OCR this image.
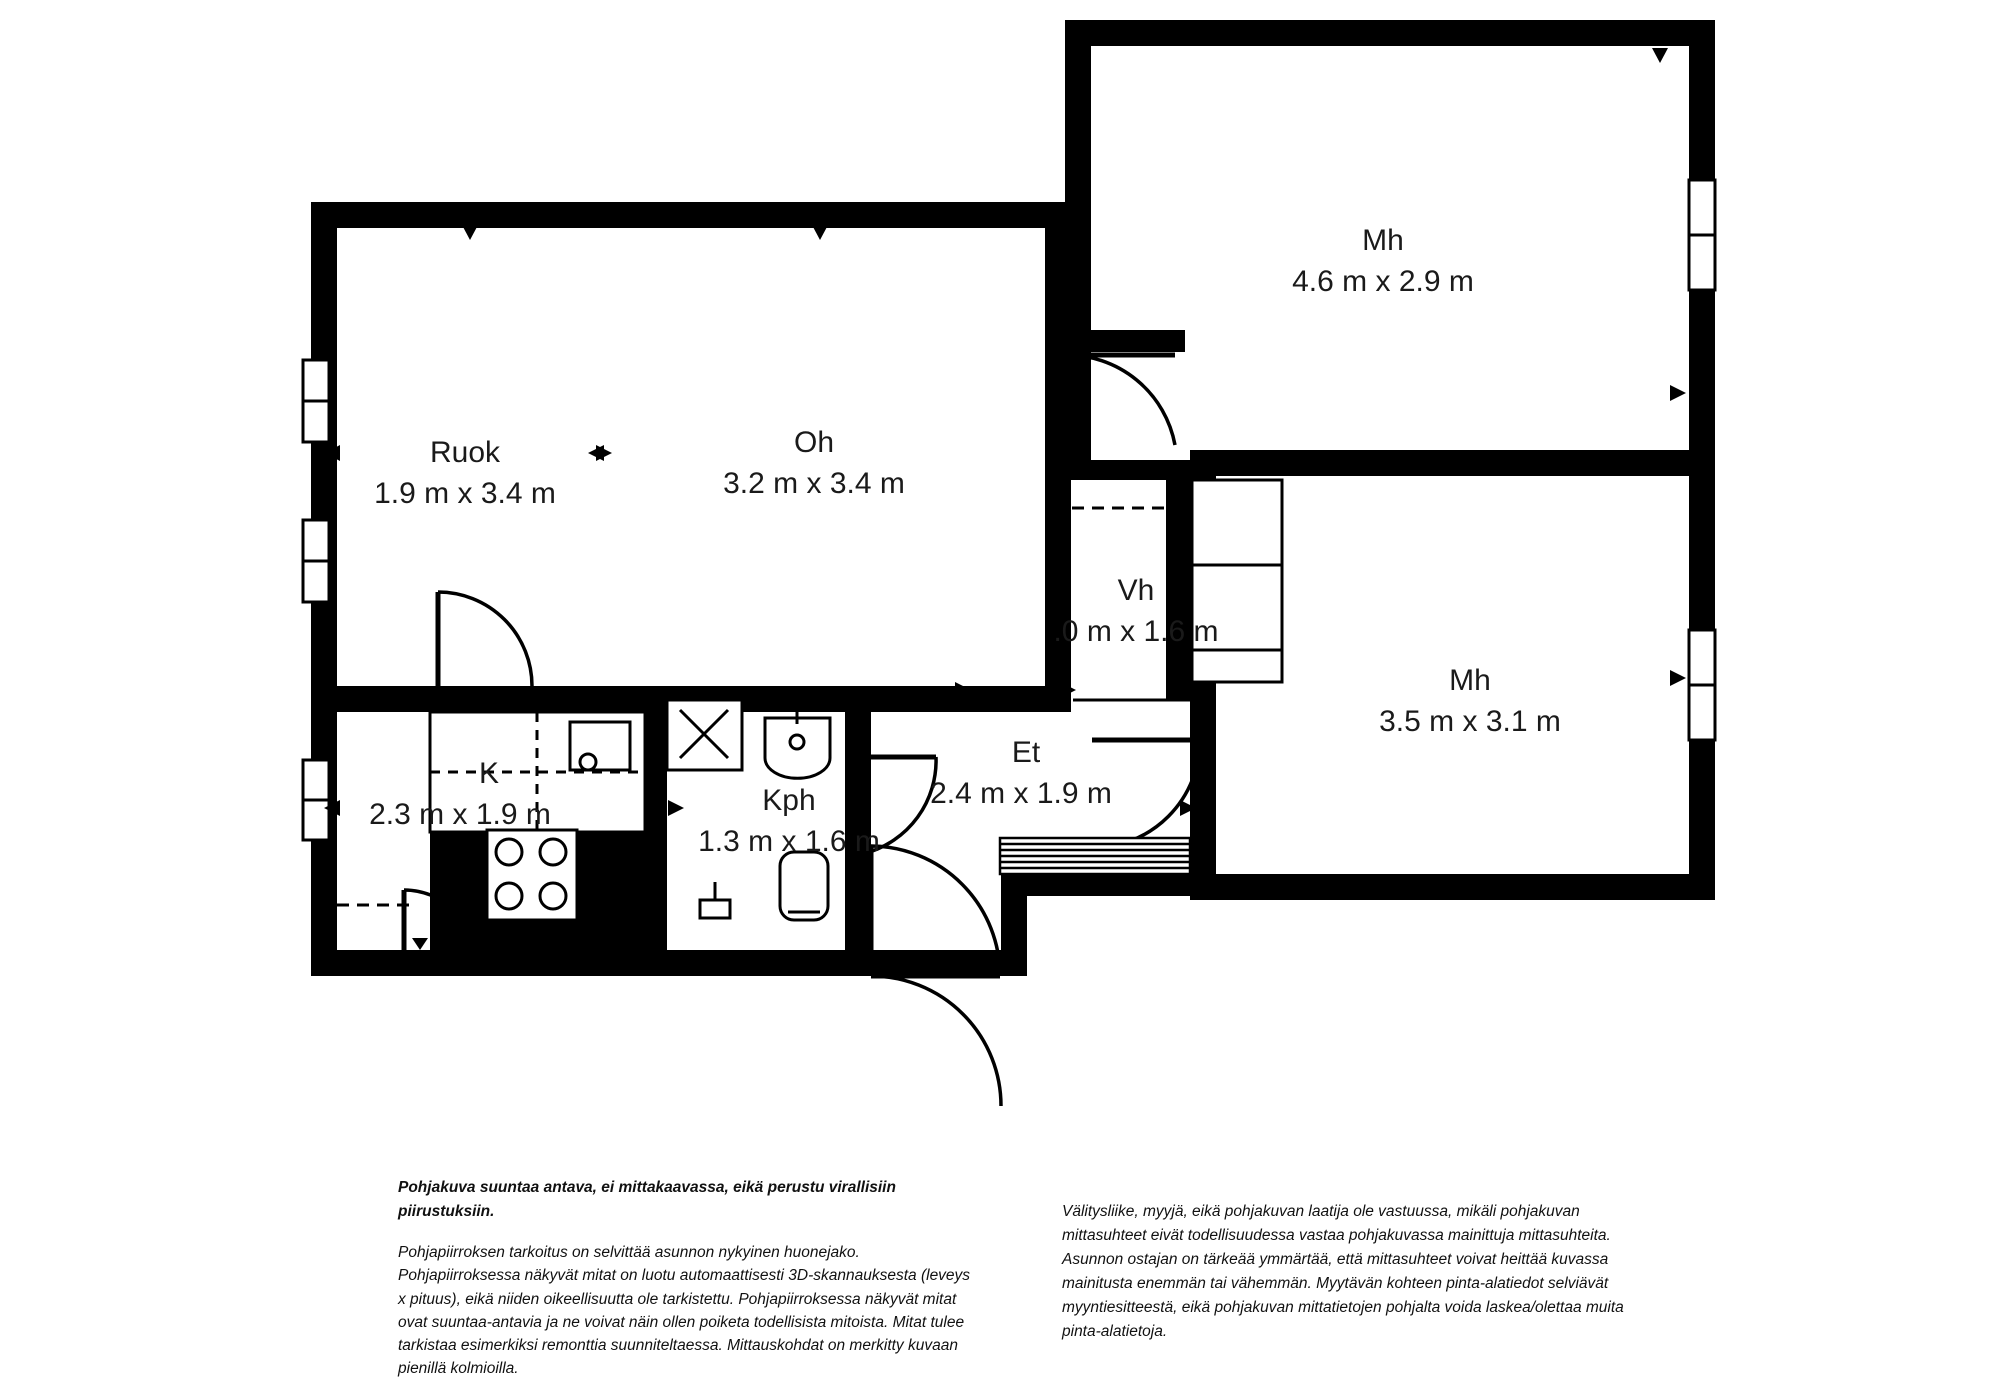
Ruok
1.9 m x 3.4 m
Oh
3.2 m x 3.4 m
Mh
4.6 m x 2.9 m
Mh
3.5 m x 3.1 m
Vh
.0 m x 1.6 m
K
2.3 m x 1.9 m	Kph
1.3 m x 1.6 m
Et
2.4 m x 1.9 m
Pohjakuva suuntaa antava, ei mittakaavassa, eikä perustu virallisiin piirustuksiin.
Pohjapiirroksen tarkoitus on selvittää asunnon nykyinen huonejako. Pohjapiirroksessa näkyvät mitat on luotu automaattisesti 3D-skannauksesta (leveys x pituus), eikä niiden oikeellisuutta ole tarkistettu. Pohjapiirroksessa näkyvät mitat ovat suuntaa-antavia ja ne voivat näin ollen poiketa todellisista mitoista. Mitat tulee tarkistaa esimerkiksi remonttia suunniteltaessa. Mittauskohdat on merkitty kuvaan pienillä kolmioilla.
Välitysliike, myyjä, eikä pohjakuvan laatija ole vastuussa, mikäli pohjakuvan mittasuhteet eivät todellisuudessa vastaa pohjakuvassa mainittuja mittasuhteita. Asunnon ostajan on tärkeää ymmärtää, että mittasuhteet voivat heittää kuvassa mainitusta enemmän tai vähemmän. Myytävän kohteen pinta-alatiedot selviävät myyntiesitteestä, eikä pohjakuvan mittatietojen pohjalta voida laskea/olettaa muita pinta-alatietoja.
